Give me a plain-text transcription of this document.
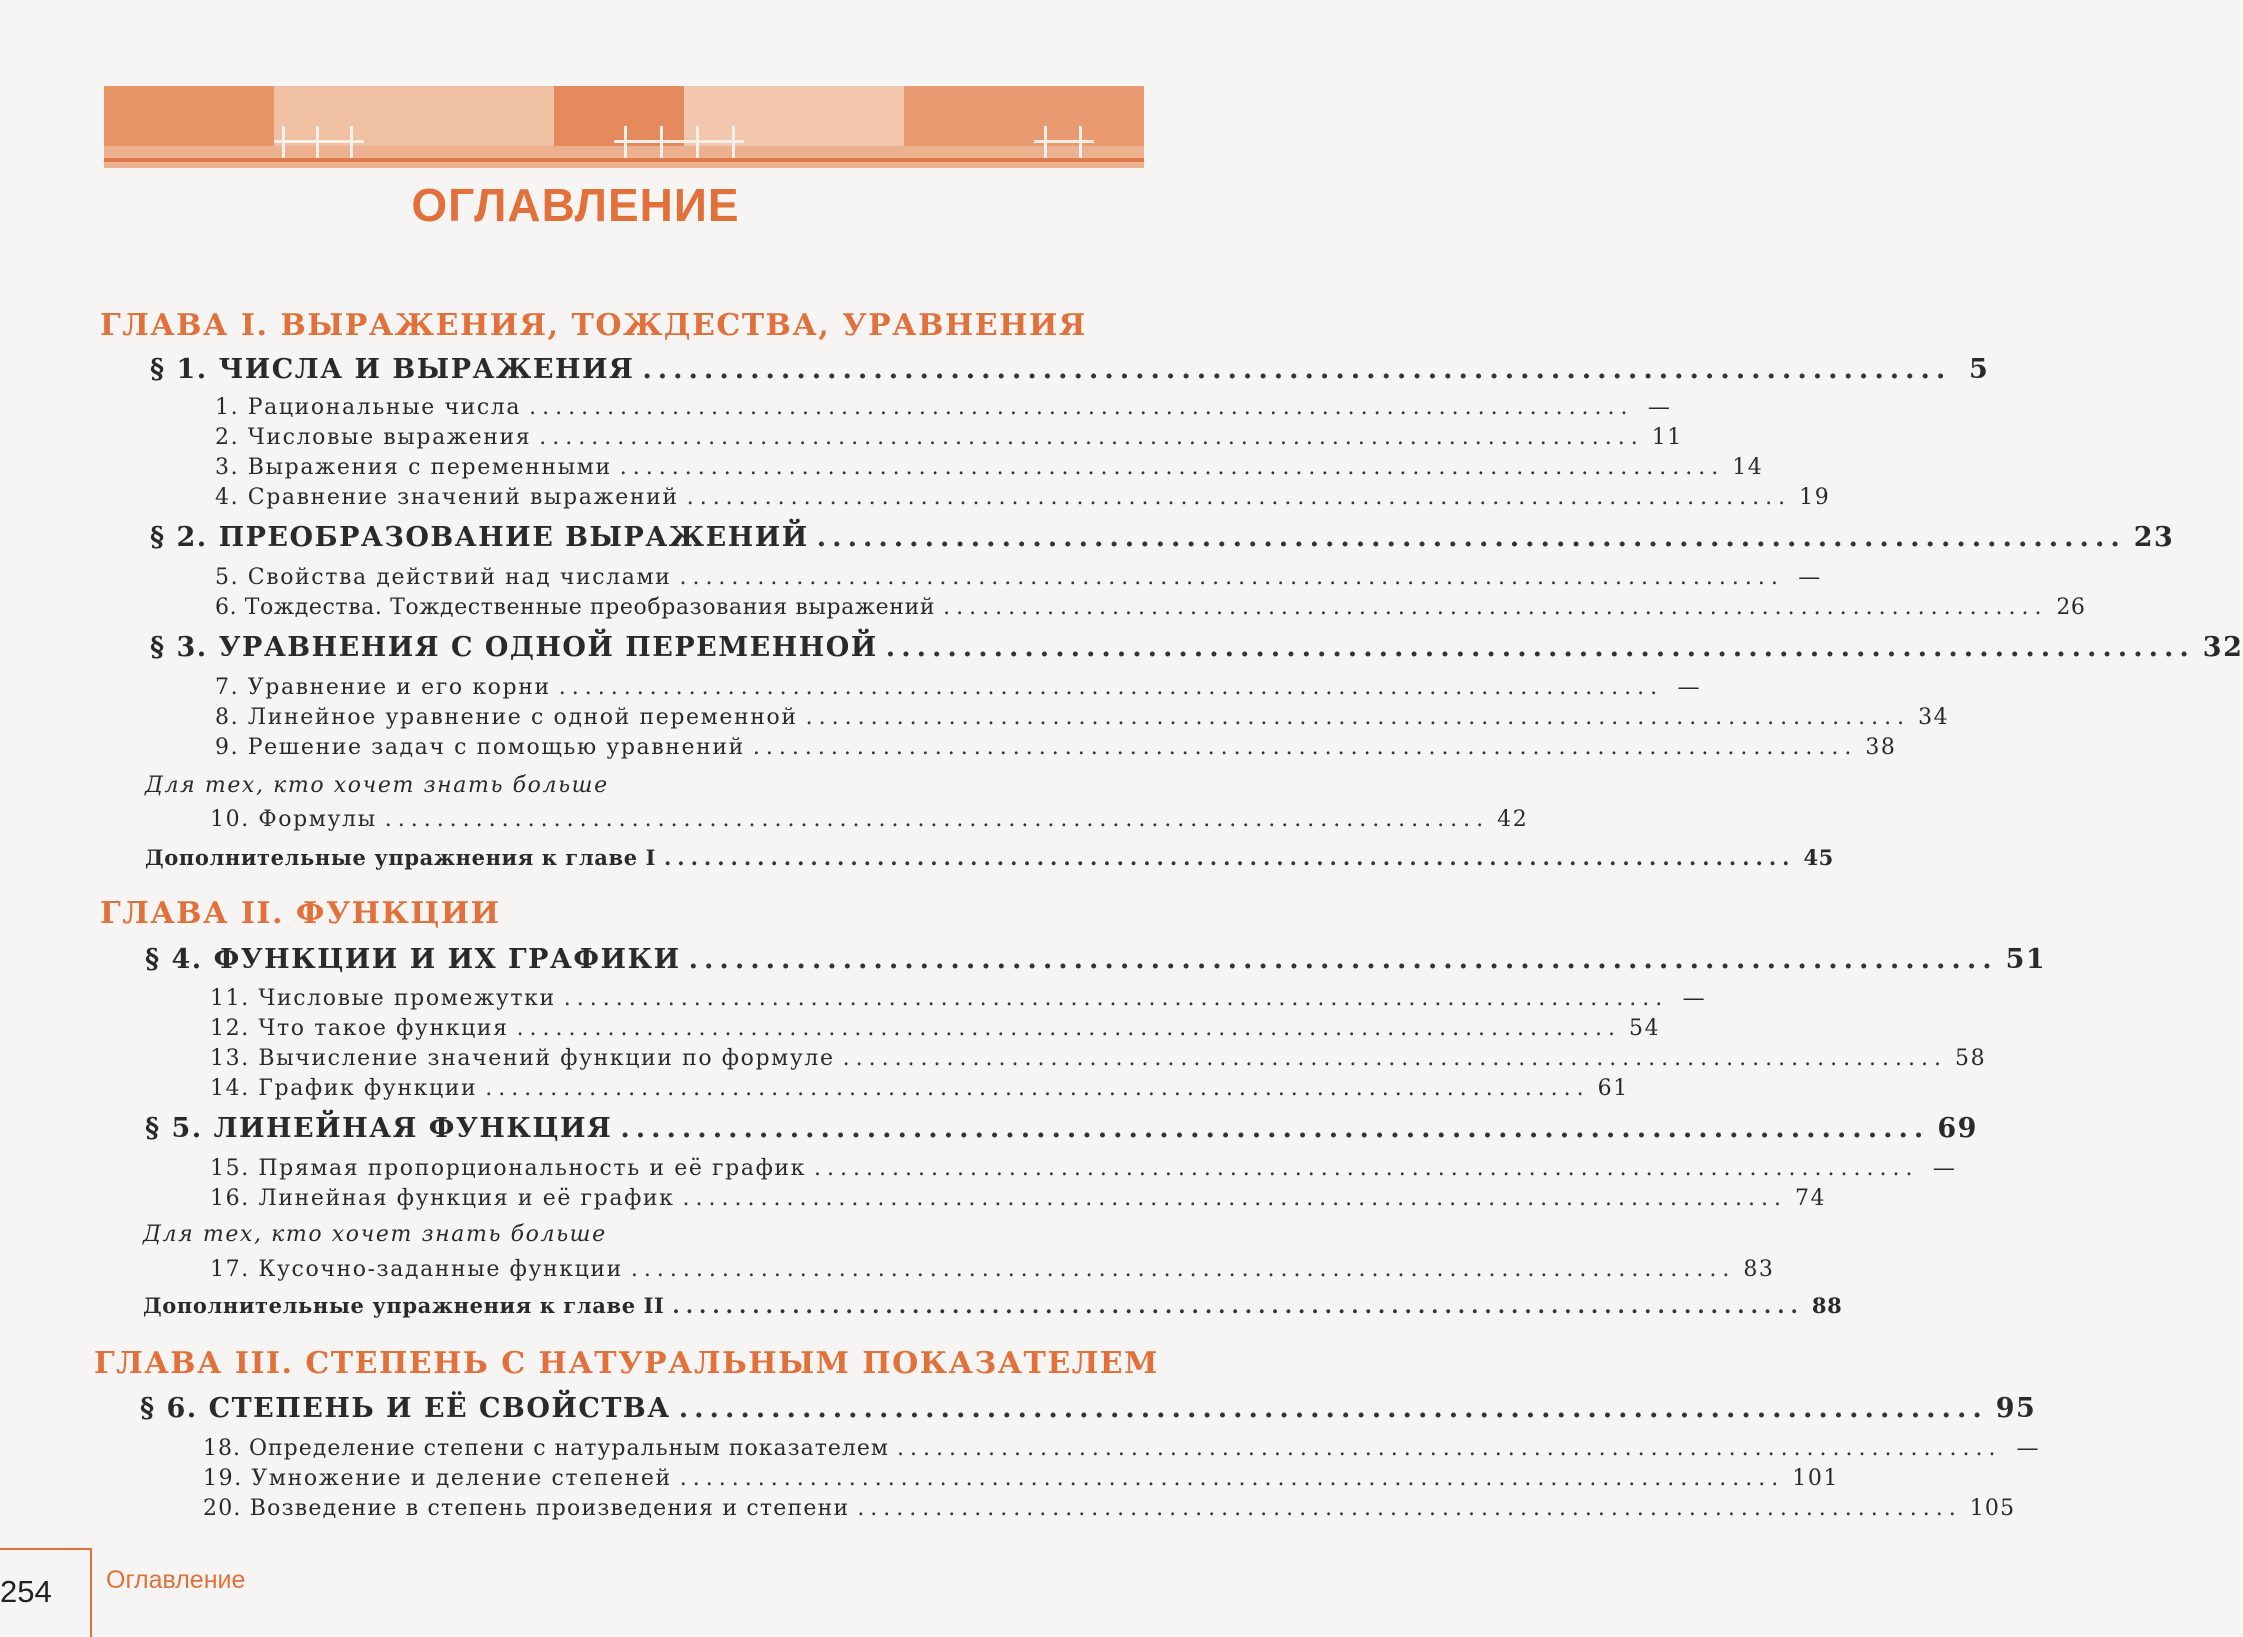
ОГЛАВЛЕНИЕ
ГЛАВА I. ВЫРАЖЕНИЯ, ТОЖДЕСТВА, УРАВНЕНИЯ
§ 1. ЧИСЛА И ВЫРАЖЕНИЯ ..................................................................................... 5
1. Рациональные числа ..................................................................................... —
2. Числовые выражения ..................................................................................... 11
3. Выражения с переменными ..................................................................................... 14
4. Сравнение значений выражений ..................................................................................... 19
§ 2. ПРЕОБРАЗОВАНИЕ ВЫРАЖЕНИЙ ..................................................................................... 23
5. Свойства действий над числами ..................................................................................... —
6. Тождества. Тождественные преобразования выражений ..................................................................................... 26
§ 3. УРАВНЕНИЯ С ОДНОЙ ПЕРЕМЕННОЙ ..................................................................................... 32
7. Уравнение и его корни ..................................................................................... —
8. Линейное уравнение с одной переменной ..................................................................................... 34
9. Решение задач с помощью уравнений ..................................................................................... 38
Для тех, кто хочет знать больше
10. Формулы ..................................................................................... 42
Дополнительные упражнения к главе I ..................................................................................... 45
ГЛАВА II. ФУНКЦИИ
§ 4. ФУНКЦИИ И ИХ ГРАФИКИ ..................................................................................... 51
11. Числовые промежутки ..................................................................................... —
12. Что такое функция ..................................................................................... 54
13. Вычисление значений функции по формуле ..................................................................................... 58
14. График функции ..................................................................................... 61
§ 5. ЛИНЕЙНАЯ ФУНКЦИЯ ..................................................................................... 69
15. Прямая пропорциональность и её график ..................................................................................... —
16. Линейная функция и её график ..................................................................................... 74
Для тех, кто хочет знать больше
17. Кусочно-заданные функции ..................................................................................... 83
Дополнительные упражнения к главе II ..................................................................................... 88
ГЛАВА III. СТЕПЕНЬ С НАТУРАЛЬНЫМ ПОКАЗАТЕЛЕМ
§ 6. СТЕПЕНЬ И ЕЁ СВОЙСТВА ..................................................................................... 95
18. Определение степени с натуральным показателем ..................................................................................... —
19. Умножение и деление степеней ..................................................................................... 101
20. Возведение в степень произведения и степени ..................................................................................... 105
254	Оглавление
